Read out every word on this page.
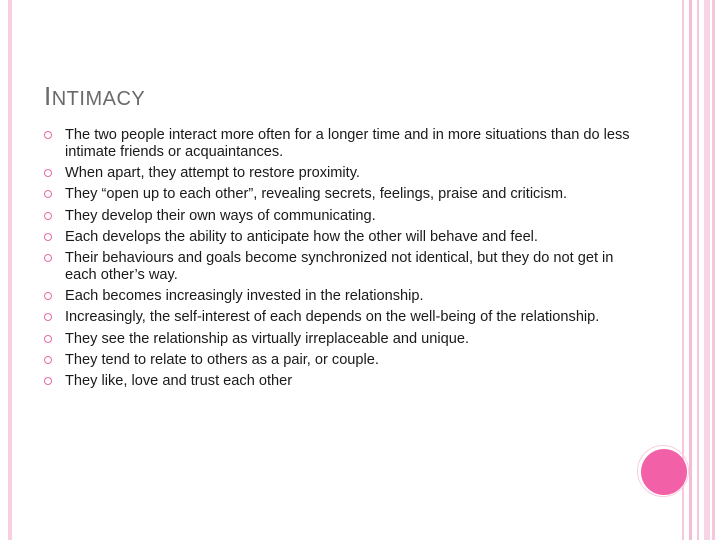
INTIMACY
The two people interact more often for a longer time and in more situations than do less intimate friends or acquaintances.
When apart, they attempt to restore proximity.
They “open up to each other”, revealing secrets, feelings, praise and criticism.
They develop their own ways of communicating.
Each develops the ability to anticipate how the other will behave and feel.
Their behaviours and goals become synchronized not identical, but they do not get in each other’s way.
Each becomes increasingly invested in the relationship.
Increasingly, the self-interest of each depends on the well-being of the relationship.
They see the relationship as virtually irreplaceable and unique.
They tend to relate to others as a pair, or couple.
They like, love and trust each other
